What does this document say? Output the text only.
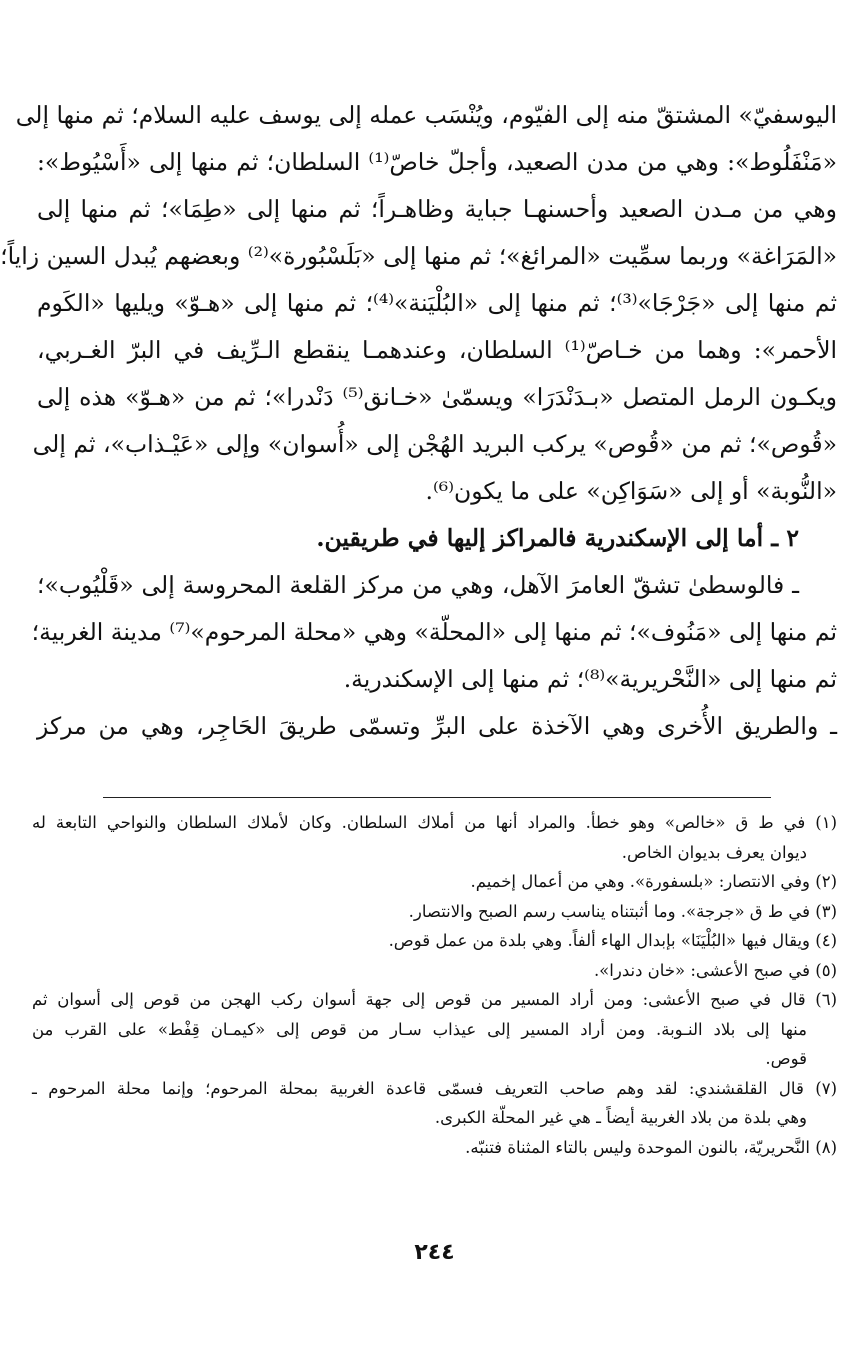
اليوسفيّ» المشتقّ منه إلى الفيّوم، ويُنْسَب عمله إلى يوسف عليه السلام؛ ثم منها إلى
«مَنْفَلُوط»: وهي من مدن الصعيد، وأجلّ خاصّ⁽¹⁾ السلطان؛ ثم منها إلى «أَسْيُوط»:
وهي من مـدن الصعيد وأحسنهـا جباية وظاهـراً؛ ثم منها إلى «طِمَا»؛ ثم منها إلى
«المَرَاغة» وربما سمِّيت «المرائغ»؛ ثم منها إلى «بَلَسْبُورة»⁽²⁾ وبعضهم يُبدل السين زاياً؛
ثم منها إلى «جَرْجَا»⁽³⁾؛ ثم منها إلى «البُلْيَنة»⁽⁴⁾؛ ثم منها إلى «هـوّ» ويليها «الكَوم
الأحمر»: وهما من خـاصّ⁽¹⁾ السلطان، وعندهمـا ينقطع الـرِّيف في البرّ الغـربي،
ويكـون الرمل المتصل «بـدَنْدَرَا» ويسمّىٰ «خـانق⁽⁵⁾ دَنْدرا»؛ ثم من «هـوّ» هذه إلى
«قُوص»؛ ثم من «قُوص» يركب البريد الهُجْن إلى «أُسوان» وإلى «عَيْـذاب»، ثم إلى
«النُّوبة» أو إلى «سَوَاكِن» على ما يكون⁽⁶⁾.
٢ ـ أما إلى الإسكندرية فالمراكز إليها في طريقين.
ـ فالوسطىٰ تشقّ العامرَ الآهل، وهي من مركز القلعة المحروسة إلى «قَلْيُوب»؛
ثم منها إلى «مَنُوف»؛ ثم منها إلى «المحلّة» وهي «محلة المرحوم»⁽⁷⁾ مدينة الغربية؛
ثم منها إلى «النَّحْريرية»⁽⁸⁾؛ ثم منها إلى الإسكندرية.
ـ والطريق الأُخرى وهي الآخذة على البرِّ وتسمّى طريقَ الحَاجِر، وهي من مركز
(١) في ط ق «خالص» وهو خطأ. والمراد أنها من أملاك السلطان. وكان لأملاك السلطان والنواحي التابعة له
ديوان يعرف بديوان الخاص.
(٢) وفي الانتصار: «بلسفورة». وهي من أعمال إخميم.
(٣) في ط ق «جرجة». وما أثبتناه يناسب رسم الصبح والانتصار.
(٤) ويقال فيها «البُلْيَنَا» بإبدال الهاء ألفاً. وهي بلدة من عمل قوص.
(٥) في صبح الأعشى: «خان دندرا».
(٦) قال في صبح الأعشى: ومن أراد المسير من قوص إلى جهة أسوان ركب الهجن من قوص إلى أسوان ثم
منها إلى بلاد النـوبة. ومن أراد المسير إلى عيذاب سـار من قوص إلى «كيمـان قِفْط» على القرب من
قوص.
(٧) قال القلقشندي: لقد وهم صاحب التعريف فسمّى قاعدة الغربية بمحلة المرحوم؛ وإنما محلة المرحوم ـ
وهي بلدة من بلاد الغربية أيضاً ـ هي غير المحلّة الكبرى.
(٨) النَّحريريّة، بالنون الموحدة وليس بالتاء المثناة فتنبّه.
٢٤٤
